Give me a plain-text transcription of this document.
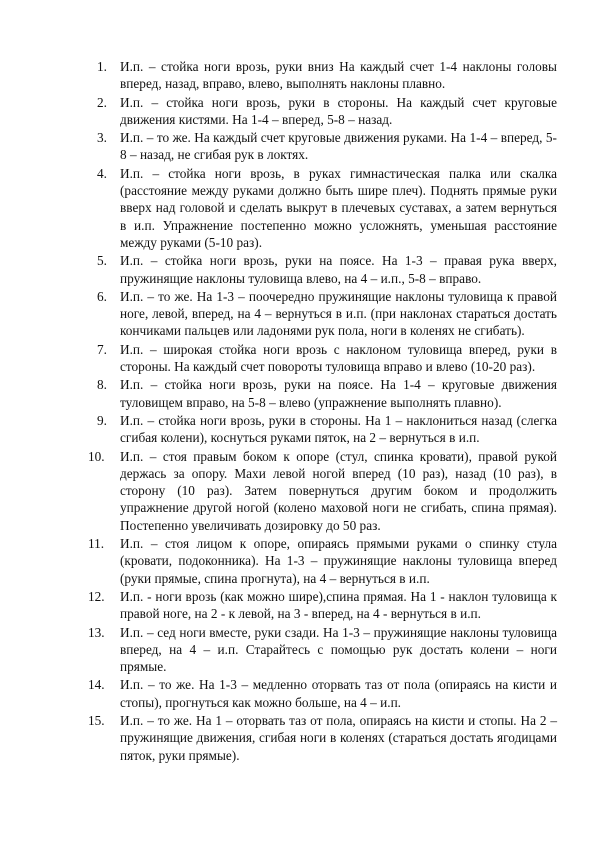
1. И.п. – стойка ноги врозь, руки вниз На каждый счет 1-4 наклоны головы вперед, назад, вправо, влево, выполнять наклоны плавно.
2. И.п. – стойка ноги врозь, руки в стороны. На каждый счет круговые движения кистями. На 1-4 – вперед, 5-8 – назад.
3. И.п. – то же. На каждый счет круговые движения руками. На 1-4 – вперед, 5-8 – назад, не сгибая рук в локтях.
4. И.п. – стойка ноги врозь, в руках гимнастическая палка или скалка (расстояние между руками должно быть шире плеч). Поднять прямые руки вверх над головой и сделать выкрут в плечевых суставах, а затем вернуться в и.п. Упражнение постепенно можно усложнять, уменьшая расстояние между руками (5-10 раз).
5. И.п. – стойка ноги врозь, руки на поясе. На 1-3 – правая рука вверх, пружинящие наклоны туловища влево, на 4 – и.п., 5-8 – вправо.
6. И.п. – то же. На 1-3 – поочередно пружинящие наклоны туловища к правой ноге, левой, вперед, на 4 – вернуться в и.п. (при наклонах стараться достать кончиками пальцев или ладонями рук пола, ноги в коленях не сгибать).
7. И.п. – широкая стойка ноги врозь с наклоном туловища вперед, руки в стороны. На каждый счет повороты туловища вправо и влево (10-20 раз).
8. И.п. – стойка ноги врозь, руки на поясе. На 1-4 – круговые движения туловищем вправо, на 5-8 – влево (упражнение выполнять плавно).
9. И.п. – стойка ноги врозь, руки в стороны. На 1 – наклониться назад (слегка сгибая колени), коснуться руками пяток, на 2 – вернуться в и.п.
10.	И.п. – стоя правым боком к опоре (стул, спинка кровати), правой рукой держась за опору. Махи левой ногой вперед (10 раз), назад (10 раз), в сторону (10 раз). Затем повернуться другим боком и продолжить упражнение другой ногой (колено маховой ноги не сгибать, спина прямая). Постепенно увеличивать дозировку до 50 раз.
11.	И.п. – стоя лицом к опоре, опираясь прямыми руками о спинку стула (кровати, подоконника). На 1-3 – пружинящие наклоны туловища вперед (руки прямые, спина прогнута), на 4 – вернуться в и.п.
12.	И.п. - ноги врозь (как можно шире),спина прямая. На 1 - наклон туловища к правой ноге, на 2 - к левой, на 3 - вперед, на 4 - вернуться в и.п.
13.	И.п. – сед ноги вместе, руки сзади. На 1-3 – пружинящие наклоны туловища вперед, на 4 – и.п. Старайтесь с помощью рук достать колени – ноги прямые.
14.	И.п. – то же. На 1-3 – медленно оторвать таз от пола (опираясь на кисти и стопы), прогнуться как можно больше, на 4 – и.п.
15.	И.п. – то же. На 1 – оторвать таз от пола, опираясь на кисти и стопы. На 2 – пружинящие движения, сгибая ноги в коленях (стараться достать ягодицами пяток, руки прямые).
